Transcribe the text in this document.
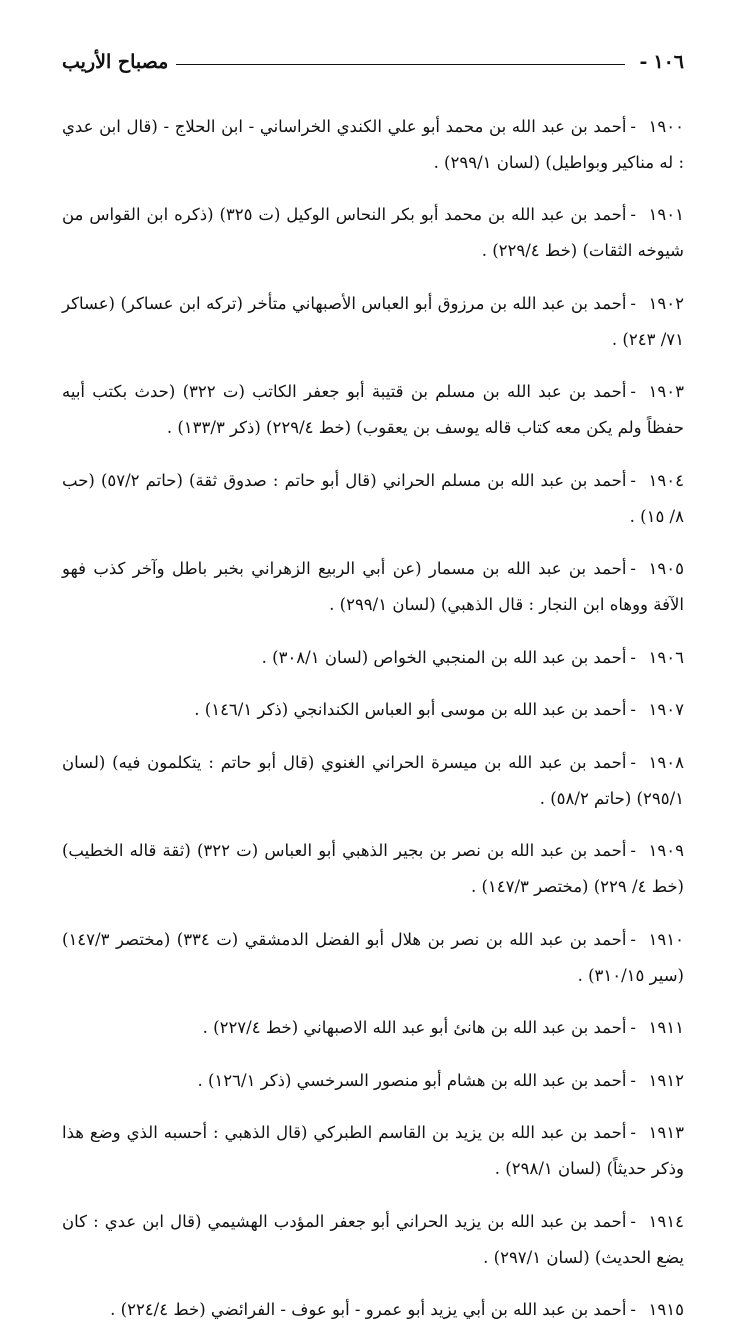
١٠٦
-
مصباح الأريب

١٩٠٠-أحمد بن عبد الله بن محمد أبو علي الكندي الخراساني - ابن الحلاج - (قال ابن عدي : له مناكير وبواطيل) (لسان ٢٩٩/١) .

١٩٠١-أحمد بن عبد الله بن محمد أبو بكر النحاس الوكيل (ت ٣٢٥) (ذكره ابن القواس من شيوخه الثقات) (خط ٢٢٩/٤) .

١٩٠٢-أحمد بن عبد الله بن مرزوق أبو العباس الأصبهاني متأخر (تركه ابن عساكر) (عساكر ٧١/ ٢٤٣) .

١٩٠٣-أحمد بن عبد الله بن مسلم بن قتيبة أبو جعفر الكاتب (ت ٣٢٢) (حدث بكتب أبيه حفظاً ولم يكن معه كتاب قاله يوسف بن يعقوب) (خط ٢٢٩/٤) (ذكر ١٣٣/٣) .

١٩٠٤-أحمد بن عبد الله بن مسلم الحراني (قال أبو حاتم : صدوق ثقة) (حاتم ٥٧/٢) (حب ٨/ ١٥) .

١٩٠٥-أحمد بن عبد الله بن مسمار (عن أبي الربيع الزهراني بخبر باطل وآخر كذب فهو الآفة ووهاه ابن النجار : قال الذهبي) (لسان ٢٩٩/١) .

١٩٠٦-أحمد بن عبد الله بن المنجبي الخواص (لسان ٣٠٨/١) .

١٩٠٧-أحمد بن عبد الله بن موسى أبو العباس الكندانجي (ذكر ١٤٦/١) .

١٩٠٨-أحمد بن عبد الله بن ميسرة الحراني الغنوي (قال أبو حاتم : يتكلمون فيه) (لسان ٢٩٥/١) (حاتم ٥٨/٢) .

١٩٠٩-أحمد بن عبد الله بن نصر بن بجير الذهبي أبو العباس (ت ٣٢٢) (ثقة قاله الخطيب) (خط ٤/ ٢٢٩) (مختصر ١٤٧/٣) .

١٩١٠-أحمد بن عبد الله بن نصر بن هلال أبو الفضل الدمشقي (ت ٣٣٤) (مختصر ١٤٧/٣) (سير ٣١٠/١٥) .

١٩١١-أحمد بن عبد الله بن هانئ أبو عبد الله الاصبهاني (خط ٢٢٧/٤) .

١٩١٢-أحمد بن عبد الله بن هشام أبو منصور السرخسي (ذكر ١٢٦/١) .

١٩١٣-أحمد بن عبد الله بن يزيد بن القاسم الطبركي (قال الذهبي : أحسبه الذي وضع هذا وذكر حديثاً) (لسان ٢٩٨/١) .

١٩١٤-أحمد بن عبد الله بن يزيد الحراني أبو جعفر المؤدب الهشيمي (قال ابن عدي : كان يضع الحديث) (لسان ٢٩٧/١) .

١٩١٥-أحمد بن عبد الله بن أبي يزيد أبو عمرو - أبو عوف - الفرائضي (خط ٢٢٤/٤) .
